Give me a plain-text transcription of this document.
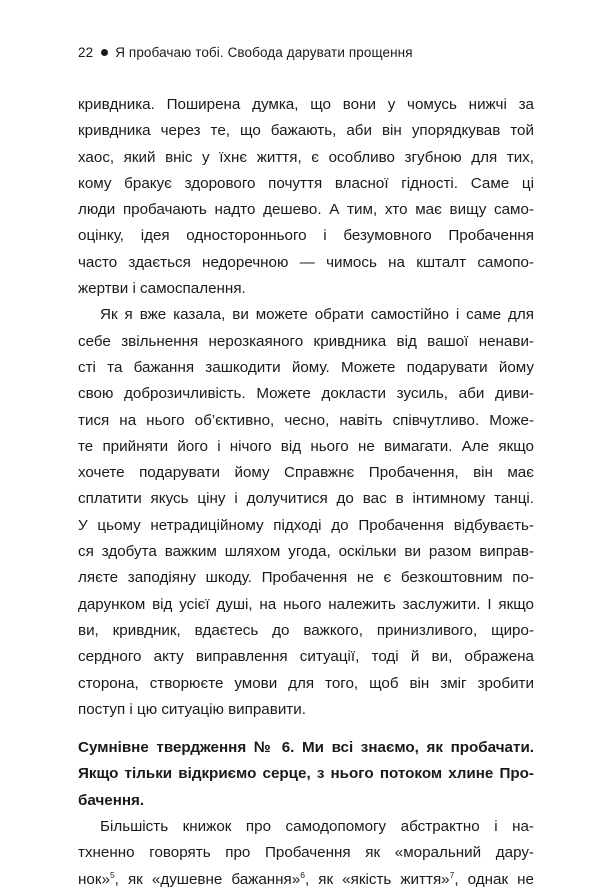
22 Я пробачаю тобі. Свобода дарувати прощення
кривдника. Поширена думка, що вони у чомусь нижчі за
кривдника через те, що бажають, аби він упорядкував той
хаос, який вніс у їхнє життя, є особливо згубною для тих,
кому бракує здорового почуття власної гідності. Саме ці
люди пробачають надто дешево. А тим, хто має вищу само-
оцінку, ідея одностороннього і безумовного Пробачення
часто здається недоречною — чимось на кшталт самопо-
жертви і самоспалення.
Як я вже казала, ви можете обрати самостійно і саме для
себе звільнення нерозкаяного кривдника від вашої ненави-
сті та бажання зашкодити йому. Можете подарувати йому
свою доброзичливість. Можете докласти зусиль, аби диви-
тися на нього об’єктивно, чесно, навіть співчутливо. Може-
те прийняти його і нічого від нього не вимагати. Але якщо
хочете подарувати йому Справжнє Пробачення, він має
сплатити якусь ціну і долучитися до вас в інтимному танці.
У цьому нетрадиційному підході до Пробачення відбуваєть-
ся здобута важким шляхом угода, оскільки ви разом виправ-
ляєте заподіяну шкоду. Пробачення не є безкоштовним по-
дарунком від усієї душі, на нього належить заслужити. І якщо
ви, кривдник, вдаєтесь до важкого, принизливого, щиро-
сердного акту виправлення ситуації, тоді й ви, ображена
сторона, створюєте умови для того, щоб він зміг зробити
поступ і цю ситуацію виправити.
Сумнівне твердження № 6. Ми всі знаємо, як пробачати.
Якщо тільки відкриємо серце, з нього потоком хлине Про-
бачення.
Більшість книжок про самодопомогу абстрактно і на-
тхненно говорять про Пробачення як «моральний дару-
нок»$^5$, як «душевне бажання»$^6$, як «якість життя»$^7$, однак не
